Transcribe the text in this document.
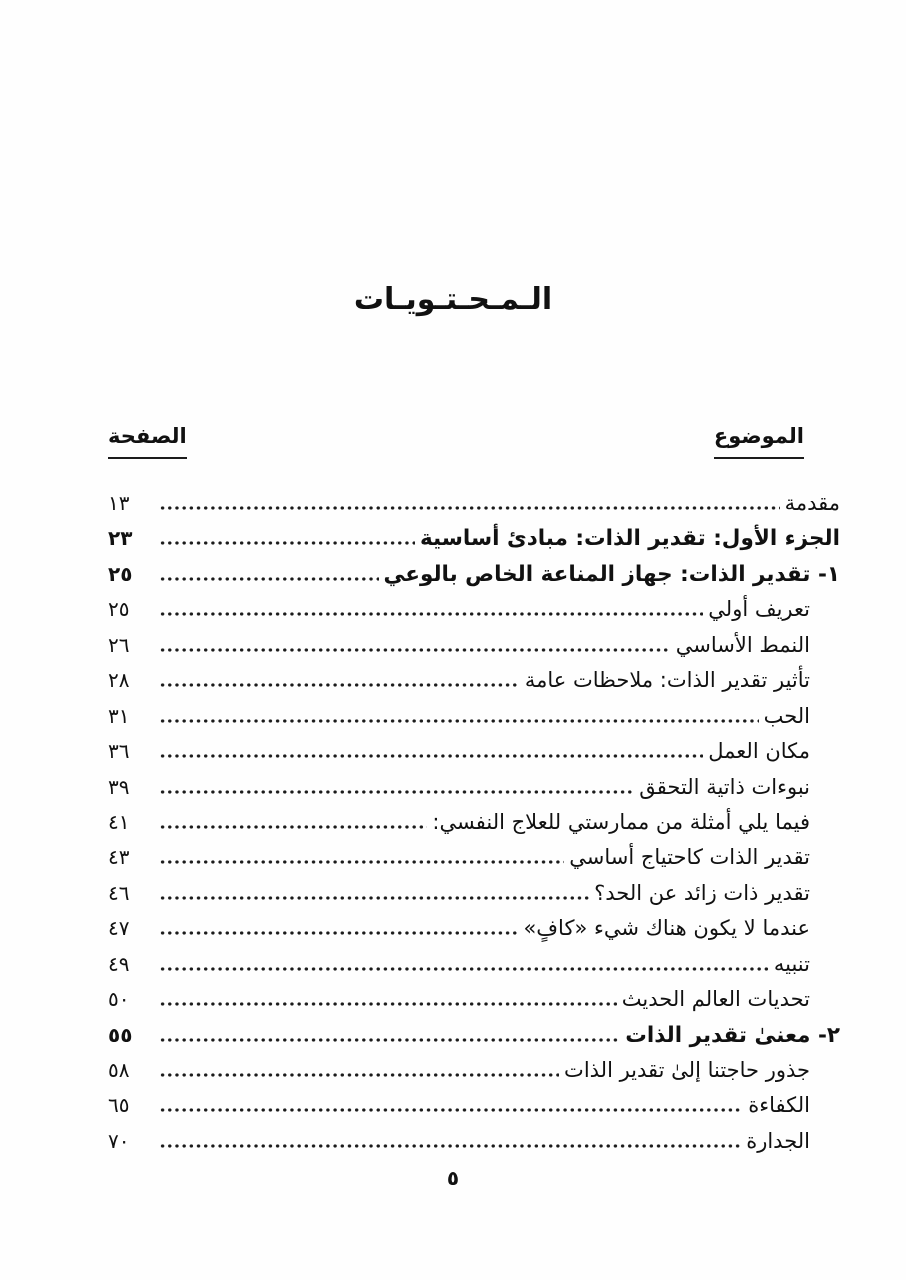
الـمـحـتـويـات
الموضوع
الصفحة
مقدمة
١٣
الجزء الأول: تقدير الذات: مبادئ أساسية
٢٣
١- تقدير الذات: جهاز المناعة الخاص بالوعي
٢٥
تعريف أولي
٢٥
النمط الأساسي
٢٦
تأثير تقدير الذات: ملاحظات عامة
٢٨
الحب
٣١
مكان العمل
٣٦
نبوءات ذاتية التحقق
٣٩
فيما يلي أمثلة من ممارستي للعلاج النفسي:
٤١
تقدير الذات كاحتياج أساسي
٤٣
تقدير ذات زائد عن الحد؟
٤٦
عندما لا يكون هناك شيء «كافٍ»
٤٧
تنبيه
٤٩
تحديات العالم الحديث
٥٠
٢- معنىٰ تقدير الذات
٥٥
جذور حاجتنا إلىٰ تقدير الذات
٥٨
الكفاءة
٦٥
الجدارة
٧٠
٥
